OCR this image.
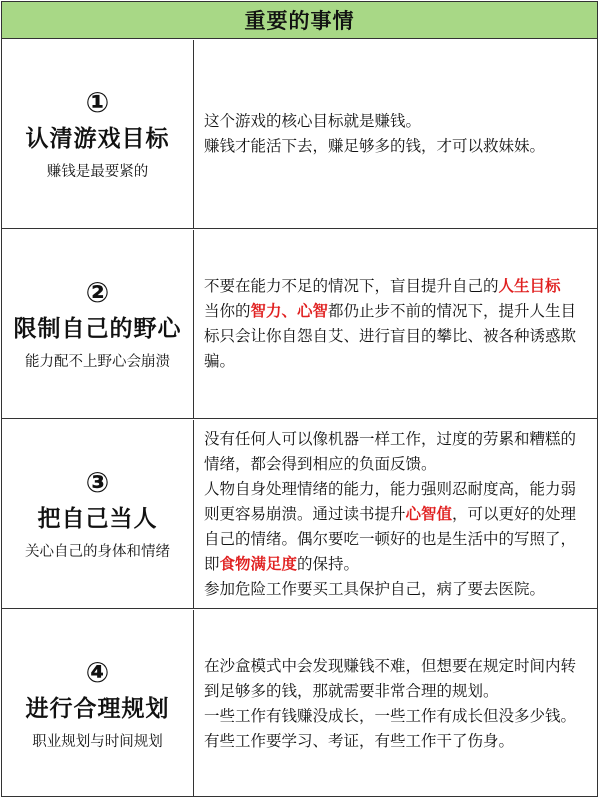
重要的事情
①
认清游戏目标
赚钱是最要紧的
这个游戏的核心目标就是赚钱。
赚钱才能活下去，赚足够多的钱，才可以救妹妹。
②
限制自己的野心
能力配不上野心会崩溃
不要在能力不足的情况下，盲目提升自己的人生目标
当你的智力、心智都仍止步不前的情况下，提升人生目标只会让你自怨自艾、进行盲目的攀比、被各种诱惑欺骗。
③
把自己当人
关心自己的身体和情绪
没有任何人可以像机器一样工作，过度的劳累和糟糕的情绪，都会得到相应的负面反馈。
人物自身处理情绪的能力，能力强则忍耐度高，能力弱则更容易崩溃。通过读书提升心智值，可以更好的处理自己的情绪。偶尔要吃一顿好的也是生活中的写照了，即食物满足度的保持。
参加危险工作要买工具保护自己，病了要去医院。
④
进行合理规划
职业规划与时间规划
在沙盒模式中会发现赚钱不难，但想要在规定时间内转到足够多的钱，那就需要非常合理的规划。
一些工作有钱赚没成长，一些工作有成长但没多少钱。有些工作要学习、考证，有些工作干了伤身。
